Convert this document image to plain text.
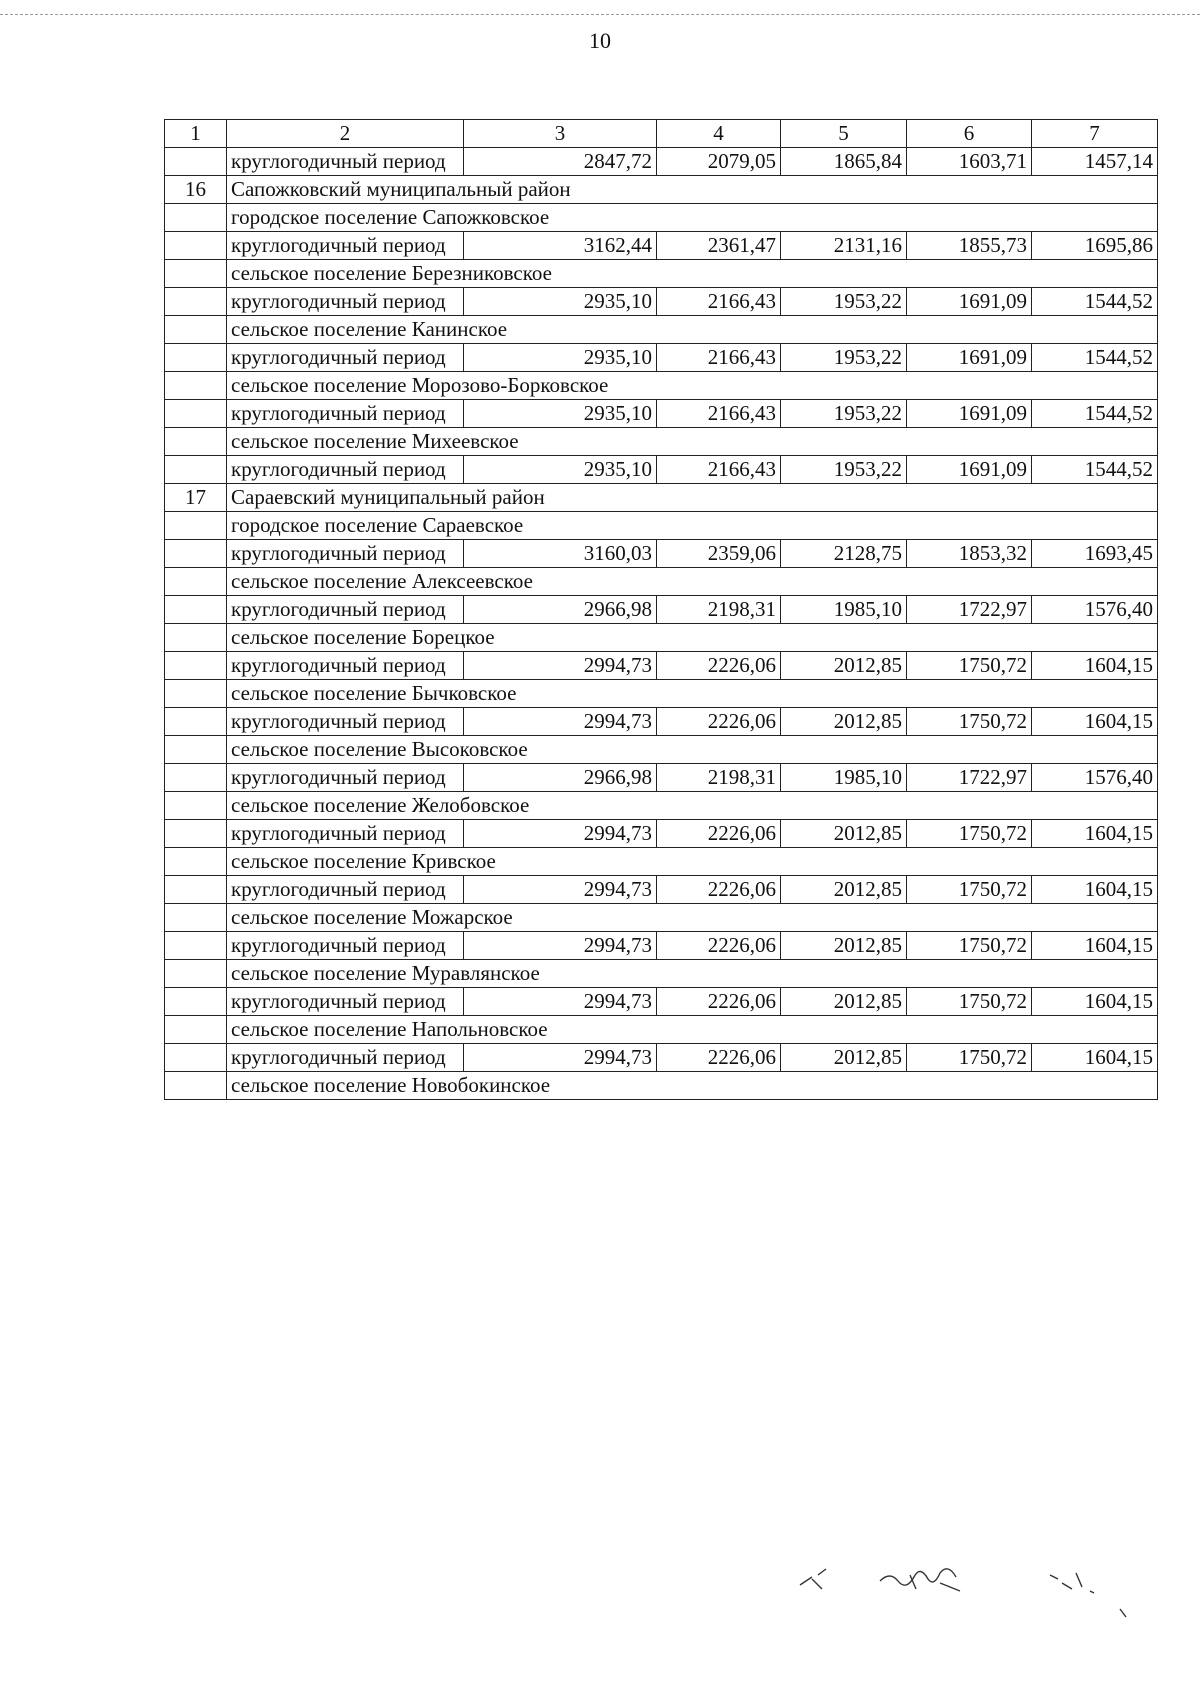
10
1	2	3	4	5	6	7
	круглогодичный период	2847,72	2079,05	1865,84	1603,71	1457,14
16	Сапожковский муниципальный район					
	городское поселение Сапожковское					
	круглогодичный период	3162,44	2361,47	2131,16	1855,73	1695,86
	сельское поселение Березниковское					
	круглогодичный период	2935,10	2166,43	1953,22	1691,09	1544,52
	сельское поселение Канинское					
	круглогодичный период	2935,10	2166,43	1953,22	1691,09	1544,52
	сельское поселение Морозово-Борковское					
	круглогодичный период	2935,10	2166,43	1953,22	1691,09	1544,52
	сельское поселение Михеевское					
	круглогодичный период	2935,10	2166,43	1953,22	1691,09	1544,52
17	Сараевский муниципальный район					
	городское поселение Сараевское					
	круглогодичный период	3160,03	2359,06	2128,75	1853,32	1693,45
	сельское поселение Алексеевское					
	круглогодичный период	2966,98	2198,31	1985,10	1722,97	1576,40
	сельское поселение Борецкое					
	круглогодичный период	2994,73	2226,06	2012,85	1750,72	1604,15
	сельское поселение Бычковское					
	круглогодичный период	2994,73	2226,06	2012,85	1750,72	1604,15
	сельское поселение Высоковское					
	круглогодичный период	2966,98	2198,31	1985,10	1722,97	1576,40
	сельское поселение Желобовское					
	круглогодичный период	2994,73	2226,06	2012,85	1750,72	1604,15
	сельское поселение Кривское					
	круглогодичный период	2994,73	2226,06	2012,85	1750,72	1604,15
	сельское поселение Можарское					
	круглогодичный период	2994,73	2226,06	2012,85	1750,72	1604,15
	сельское поселение Муравлянское					
	круглогодичный период	2994,73	2226,06	2012,85	1750,72	1604,15
	сельское поселение Напольновское					
	круглогодичный период	2994,73	2226,06	2012,85	1750,72	1604,15
	сельское поселение Новобокинское					
